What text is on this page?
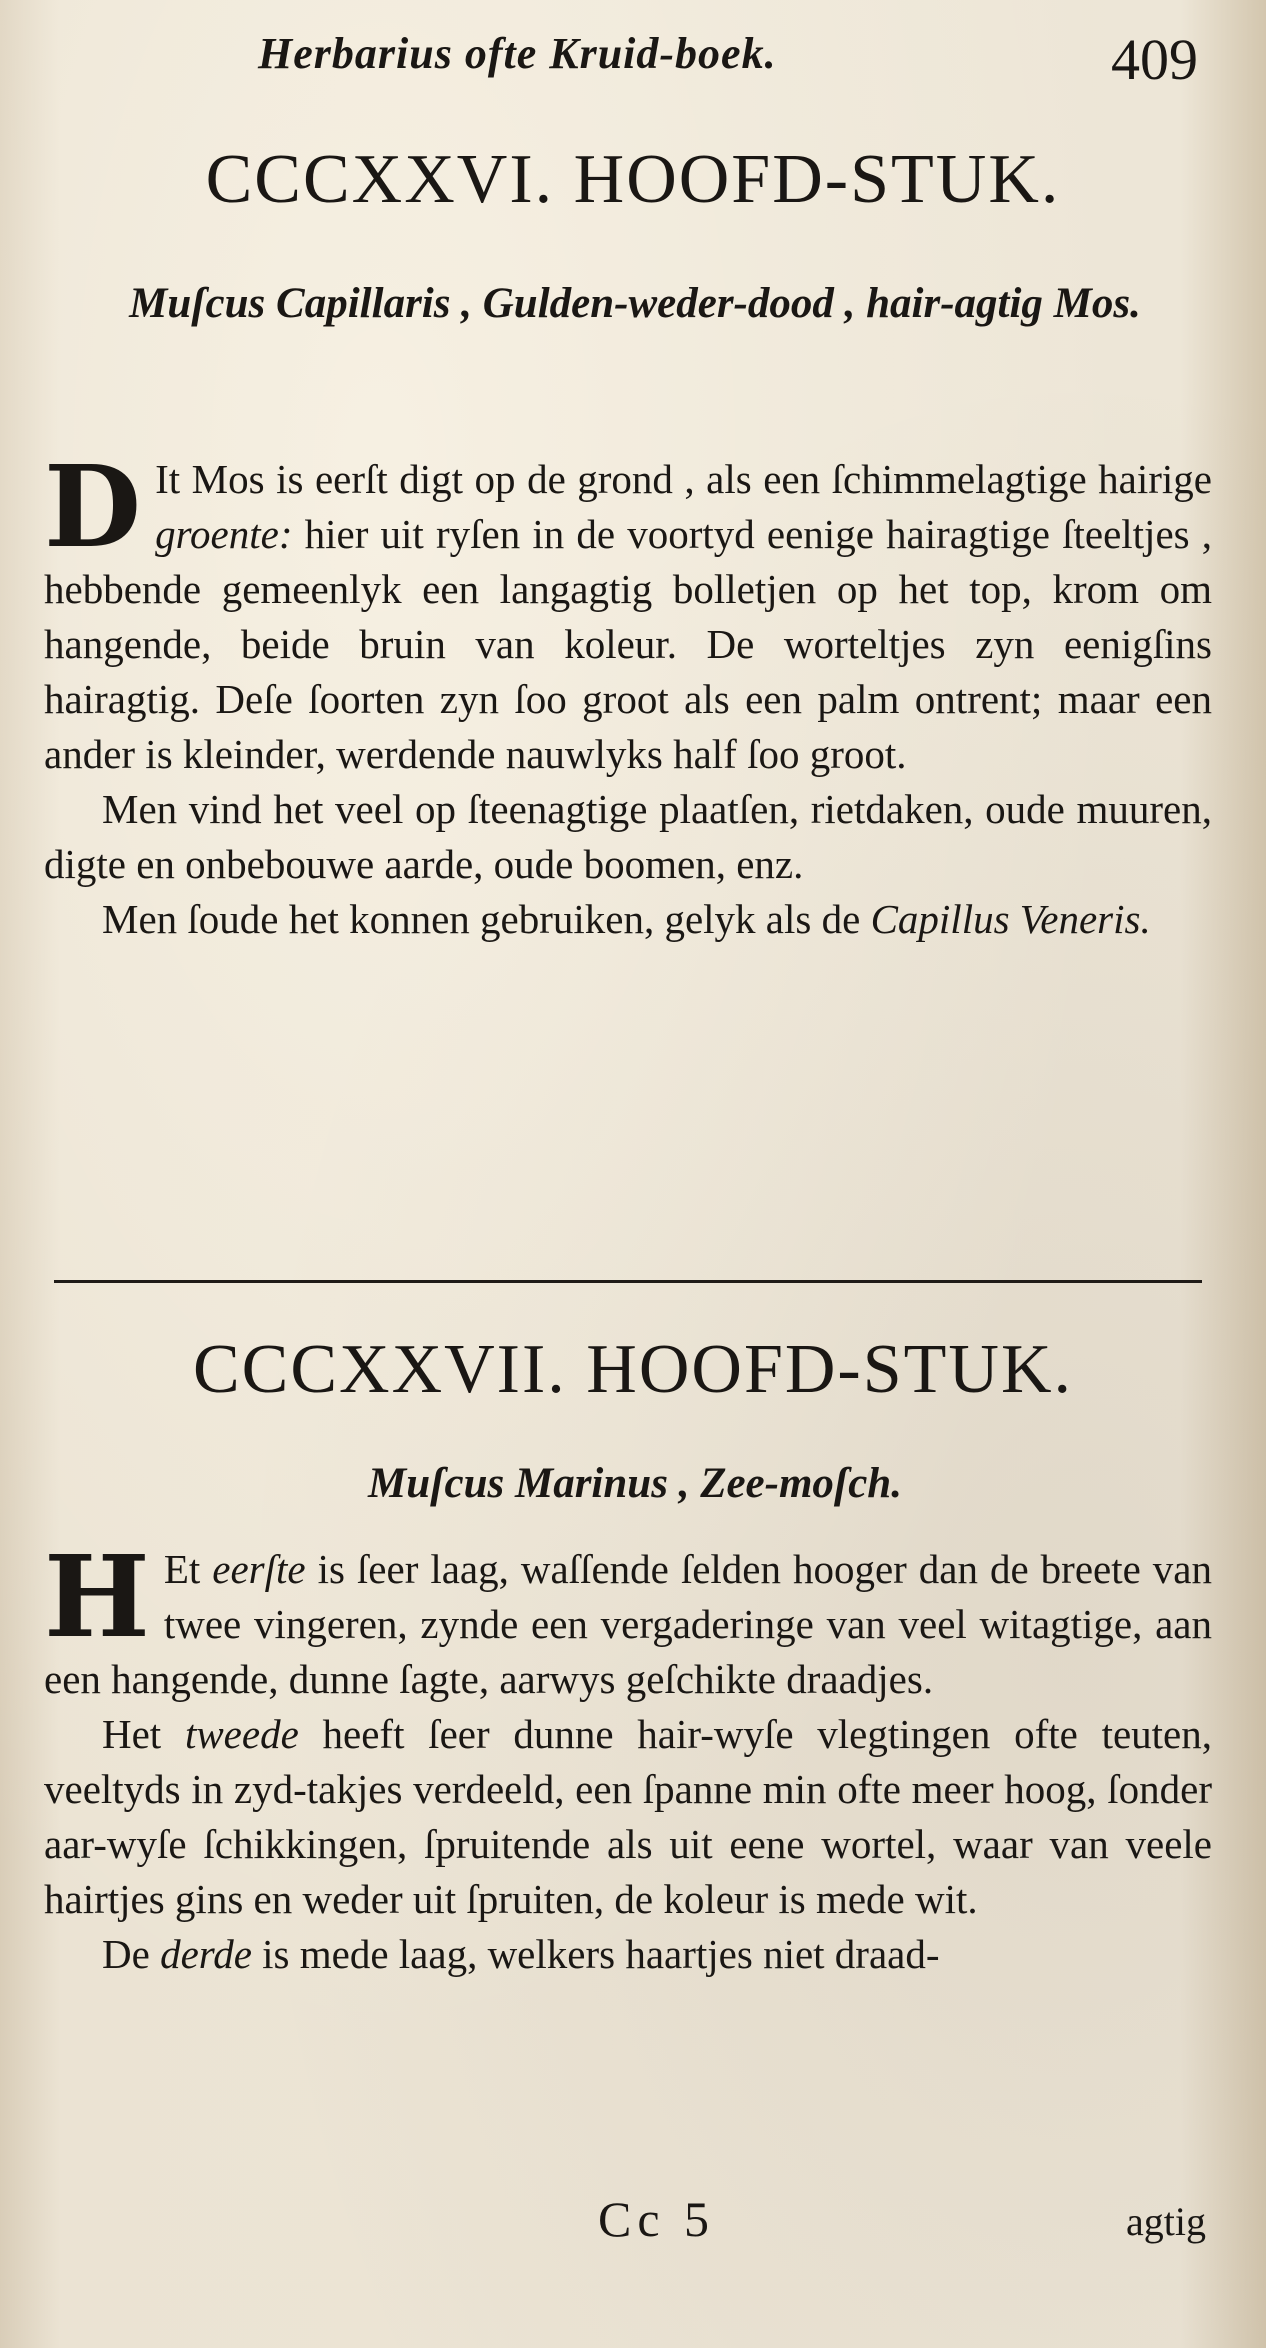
Herbarius ofte Kruid-boek.	409
CCCXXVI. HOOFD-STUK.
Muſcus Capillaris , Gulden-weder-dood , hair-agtig Mos.

D It Mos is eerſt digt op de grond , als een ſchimmelagtige hairige groente: hier uit ryſen in de voortyd eenige hairagtige ſteeltjes , hebbende gemeenlyk een langagtig bolletjen op het top, krom om hangende, beide bruin van koleur. De worteltjes zyn eenigſins hairagtig. Deſe ſoorten zyn ſoo groot als een palm ontrent; maar een ander is kleinder, werdende nauwlyks half ſoo groot.

Men vind het veel op ſteenagtige plaatſen, rietdaken, oude muuren, digte en onbebouwe aarde, oude boomen, enz.

Men ſoude het konnen gebruiken, gelyk als de Capillus Veneris.

CCCXXVII. HOOFD-STUK.
Muſcus Marinus , Zee-moſch.

H Et eerſte is ſeer laag, waſſende ſelden hooger dan de breete van twee vingeren, zynde een vergaderinge van veel witagtige, aan een hangende, dunne ſagte, aarwys geſchikte draadjes.

Het tweede heeft ſeer dunne hair-wyſe vlegtingen ofte teuten, veeltyds in zyd-takjes verdeeld, een ſpanne min ofte meer hoog, ſonder aar-wyſe ſchikkingen, ſpruitende als uit eene wortel, waar van veele hairtjes gins en weder uit ſpruiten, de koleur is mede wit.

De derde is mede laag, welkers haartjes niet draad-

Cc 5	agtig
